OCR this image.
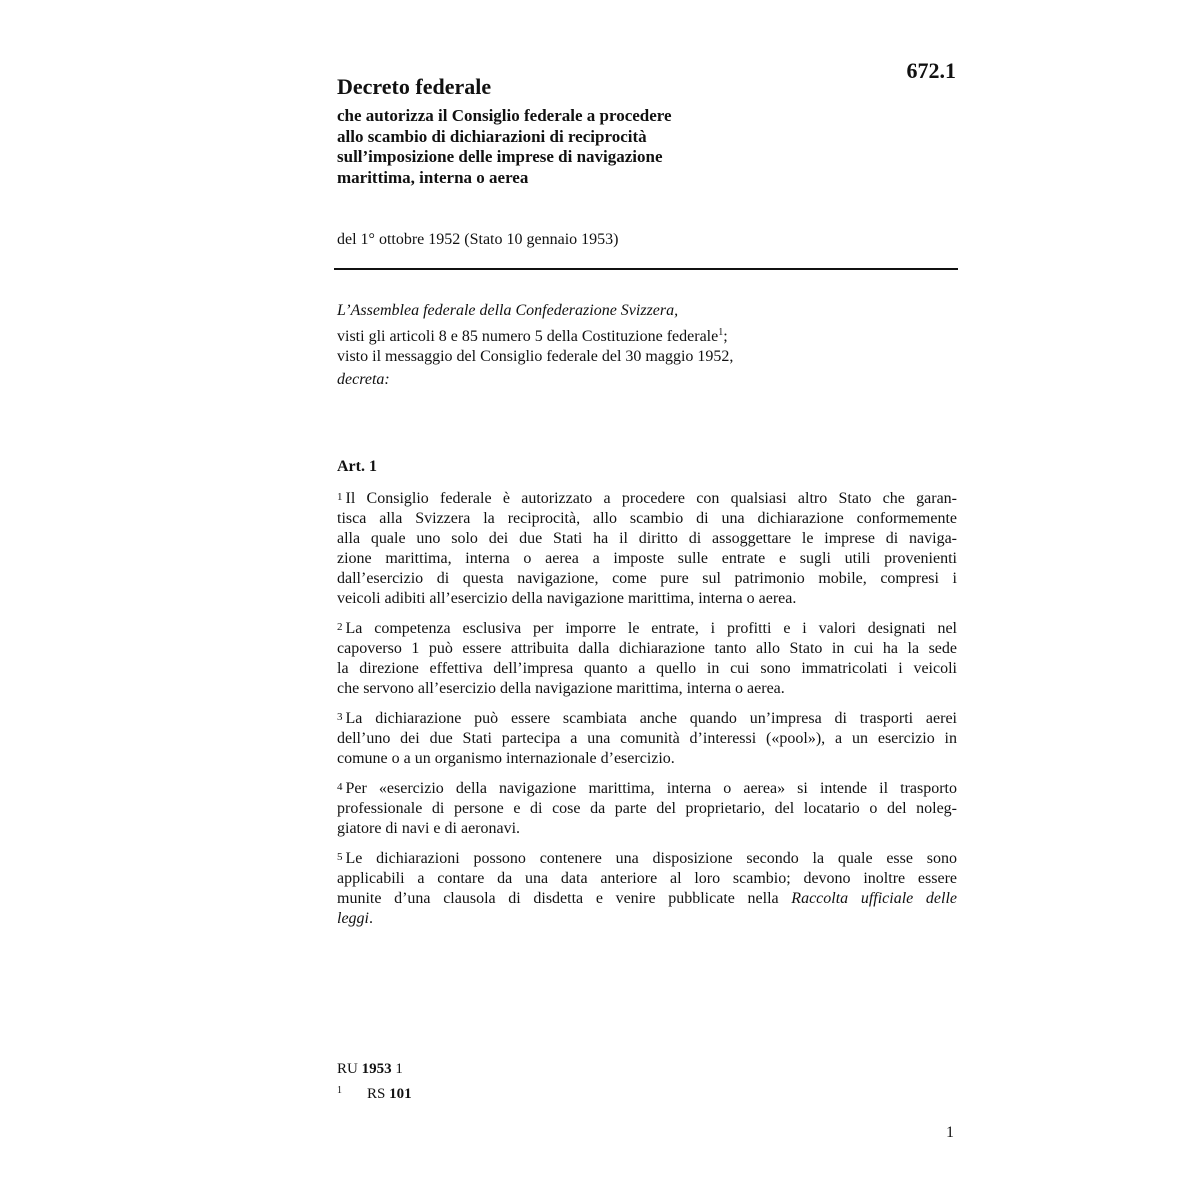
672.1
Decreto federale
che autorizza il Consiglio federale a procedere
allo scambio di dichiarazioni di reciprocità
sull’imposizione delle imprese di navigazione
marittima, interna o aerea
del 1° ottobre 1952 (Stato 10 gennaio 1953)
L’Assemblea federale della Confederazione Svizzera,
visti gli articoli 8 e 85 numero 5 della Costituzione federale$^1$;
visto il messaggio del Consiglio federale del 30 maggio 1952,
decreta:
Art. 1
1 Il Consiglio federale è autorizzato a procedere con qualsiasi altro Stato che garan-
tisca alla Svizzera la reciprocità, allo scambio di una dichiarazione conformemente
alla quale uno solo dei due Stati ha il diritto di assoggettare le imprese di naviga-
zione marittima, interna o aerea a imposte sulle entrate e sugli utili provenienti
dall’esercizio di questa navigazione, come pure sul patrimonio mobile, compresi i
veicoli adibiti all’esercizio della navigazione marittima, interna o aerea.
2 La competenza esclusiva per imporre le entrate, i profitti e i valori designati nel
capoverso 1 può essere attribuita dalla dichiarazione tanto allo Stato in cui ha la sede
la direzione effettiva dell’impresa quanto a quello in cui sono immatricolati i veicoli
che servono all’esercizio della navigazione marittima, interna o aerea.
3 La dichiarazione può essere scambiata anche quando un’impresa di trasporti aerei
dell’uno dei due Stati partecipa a una comunità d’interessi («pool»), a un esercizio in
comune o a un organismo internazionale d’esercizio.
4 Per «esercizio della navigazione marittima, interna o aerea» si intende il trasporto
professionale di persone e di cose da parte del proprietario, del locatario o del noleg-
giatore di navi e di aeronavi.
5 Le dichiarazioni possono contenere una disposizione secondo la quale esse sono
applicabili a contare da una data anteriore al loro scambio; devono inoltre essere
munite d’una clausola di disdetta e venire pubblicate nella Raccolta ufficiale delle
leggi.
RU 1953 1
1 RS 101
1
